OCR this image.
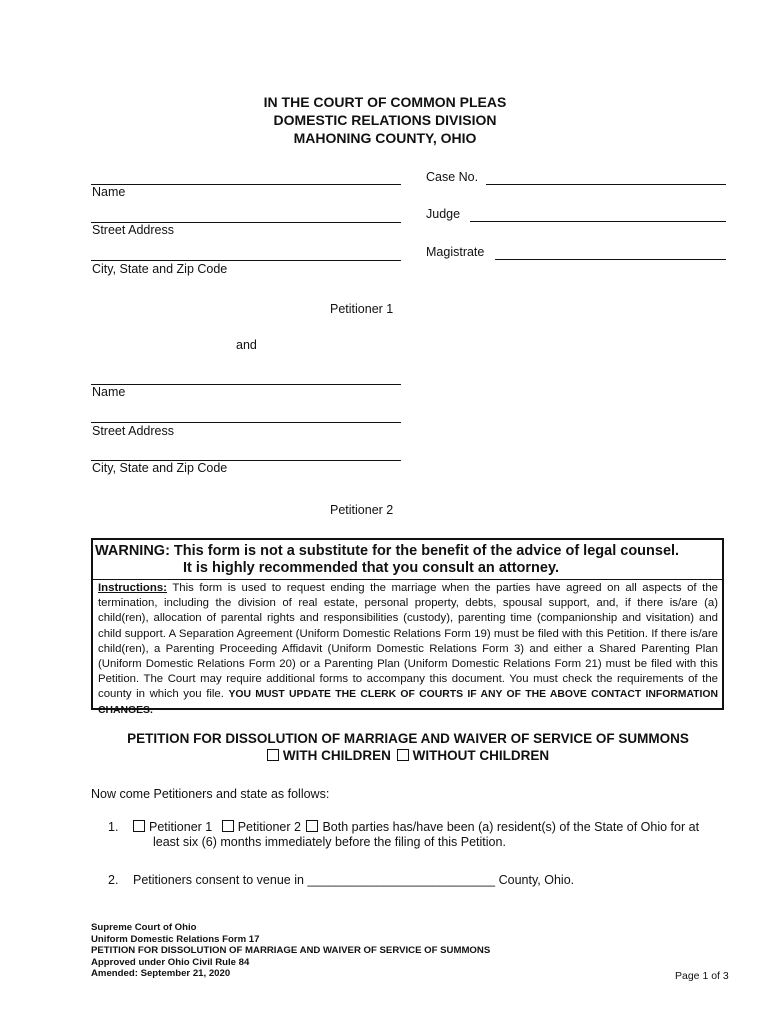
IN THE COURT OF COMMON PLEAS
DOMESTIC RELATIONS DIVISION
MAHONING COUNTY, OHIO
Case No.
Judge
Magistrate
Name
Street Address
City, State and Zip Code
Petitioner 1
and
Name
Street Address
City, State and Zip Code
Petitioner 2
WARNING: This form is not a substitute for the benefit of the advice of legal counsel.
It is highly recommended that you consult an attorney.
Instructions: This form is used to request ending the marriage when the parties have agreed on all aspects of the termination, including the division of real estate, personal property, debts, spousal support, and, if there is/are (a) child(ren), allocation of parental rights and responsibilities (custody), parenting time (companionship and visitation) and child support. A Separation Agreement (Uniform Domestic Relations Form 19) must be filed with this Petition. If there is/are child(ren), a Parenting Proceeding Affidavit (Uniform Domestic Relations Form 3) and either a Shared Parenting Plan (Uniform Domestic Relations Form 20) or a Parenting Plan (Uniform Domestic Relations Form 21) must be filed with this Petition. The Court may require additional forms to accompany this document. You must check the requirements of the county in which you file. YOU MUST UPDATE THE CLERK OF COURTS IF ANY OF THE ABOVE CONTACT INFORMATION CHANGES.
PETITION FOR DISSOLUTION OF MARRIAGE AND WAIVER OF SERVICE OF SUMMONS
WITH CHILDREN WITHOUT CHILDREN
Now come Petitioners and state as follows:
1.	Petitioner 1 Petitioner 2 Both parties has/have been (a) resident(s) of the State of Ohio for at
least six (6) months immediately before the filing of this Petition.
2. Petitioners consent to venue in ___________________________ County, Ohio.
Supreme Court of Ohio
Uniform Domestic Relations Form 17
PETITION FOR DISSOLUTION OF MARRIAGE AND WAIVER OF SERVICE OF SUMMONS
Approved under Ohio Civil Rule 84
Amended: September 21, 2020	Page 1 of 3
